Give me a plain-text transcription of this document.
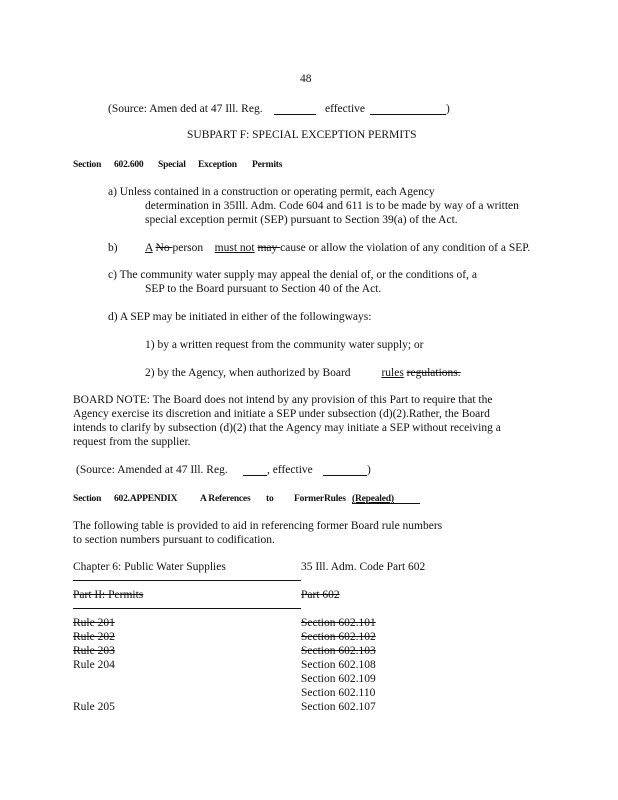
48
(Source: Amen ded at 47 Ill. Reg.	effective	)
SUBPART F: SPECIAL EXCEPTION PERMITS
Section 602.600 Special Exception Permits
a) Unless contained in a construction or operating permit, each Agency
determination in 35Ill. Adm. Code 604 and 611 is to be made by way of a written
special exception permit (SEP) pursuant to Section 39(a) of the Act.
b) A No person must not may cause or allow the violation of any condition of a SEP.
c) The community water supply may appeal the denial of, or the conditions of, a
SEP to the Board pursuant to Section 40 of the Act.
d) A SEP may be initiated in either of the followingways:
1) by a written request from the community water supply; or
2) by the Agency, when authorized by Board	rules regulations.
BOARD NOTE: The Board does not intend by any provision of this Part to require that the
Agency exercise its discretion and initiate a SEP under subsection (d)(2).Rather, the Board
intends to clarify by subsection (d)(2) that the Agency may initiate a SEP without receiving a
request from the supplier.
(Source: Amended at 47 Ill. Reg.	, effective	)
Section 602.APPENDIX A References to Former Rules (Repealed)
The following table is provided to aid in referencing former Board rule numbers
to section numbers pursuant to codification.
Chapter 6: Public Water Supplies	35 Ill. Adm. Code Part 602
Part II: Permits	Part 602
Rule 201	Section 602.101
Rule 202	Section 602.102
Rule 203	Section 602.103
Rule 204	Section 602.108
Section 602.109
Section 602.110
Rule 205	Section 602.107
